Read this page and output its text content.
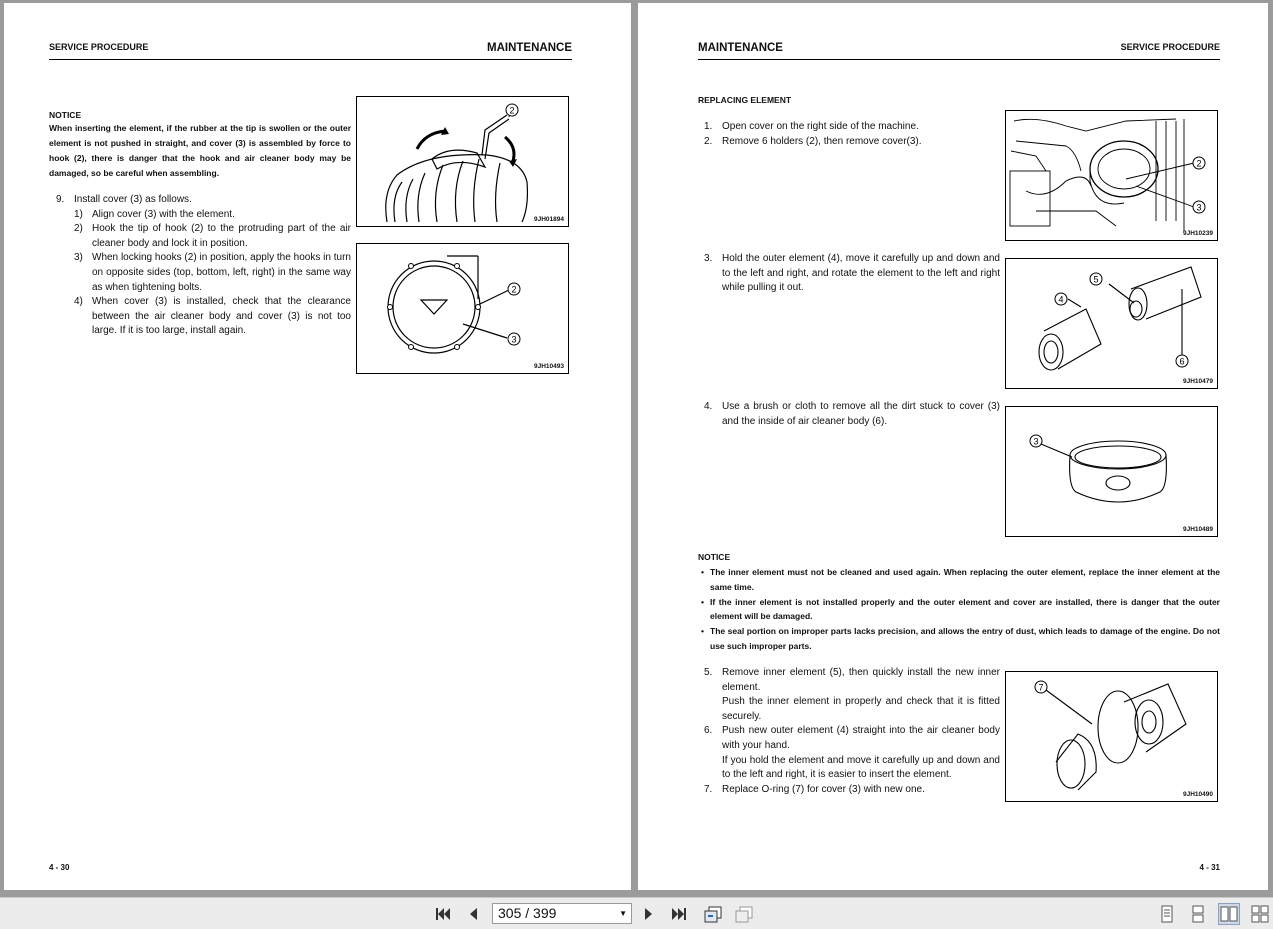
SERVICE PROCEDURE	MAINTENANCE
NOTICE
When inserting the element, if the rubber at the tip is swollen or the outer element is not pushed in straight, and cover (3) is assembled by force to hook (2), there is danger that the hook and air cleaner body may be damaged, so be careful when assembling.
9. Install cover (3) as follows.
1) Align cover (3) with the element.
2) Hook the tip of hook (2) to the protruding part of the air cleaner body and lock it in position.
3) When locking hooks (2) in position, apply the hooks in turn on opposite sides (top, bottom, left, right) in the same way as when tightening bolts.
4) When cover (3) is installed, check that the clearance between the air cleaner body and cover (3) is not too large. If it is too large, install again.
2
9JH01894
2
3
9JH10493
4 - 30
MAINTENANCE	SERVICE PROCEDURE
REPLACING ELEMENT
1. Open cover on the right side of the machine.
2. Remove 6 holders (2), then remove cover(3).
3. Hold the outer element (4), move it carefully up and down and to the left and right, and rotate the element to the left and right while pulling it out.
4. Use a brush or cloth to remove all the dirt stuck to cover (3) and the inside of air cleaner body (6).
2
3
9JH10239
4
5
6
9JH10479
3
9JH10489
NOTICE
• The inner element must not be cleaned and used again. When replacing the outer element, replace the inner element at the same time.
• If the inner element is not installed properly and the outer element and cover are installed, there is danger that the outer element will be damaged.
• The seal portion on improper parts lacks precision, and allows the entry of dust, which leads to damage of the engine. Do not use such improper parts.
5. Remove inner element (5), then quickly install the new inner element.
Push the inner element in properly and check that it is fitted securely.
6. Push new outer element (4) straight into the air cleaner body with your hand.
If you hold the element and move it carefully up and down and to the left and right, it is easier to insert the element.
7. Replace O-ring (7) for cover (3) with new one.
7
9JH10490
4 - 31
305 / 399	▼
